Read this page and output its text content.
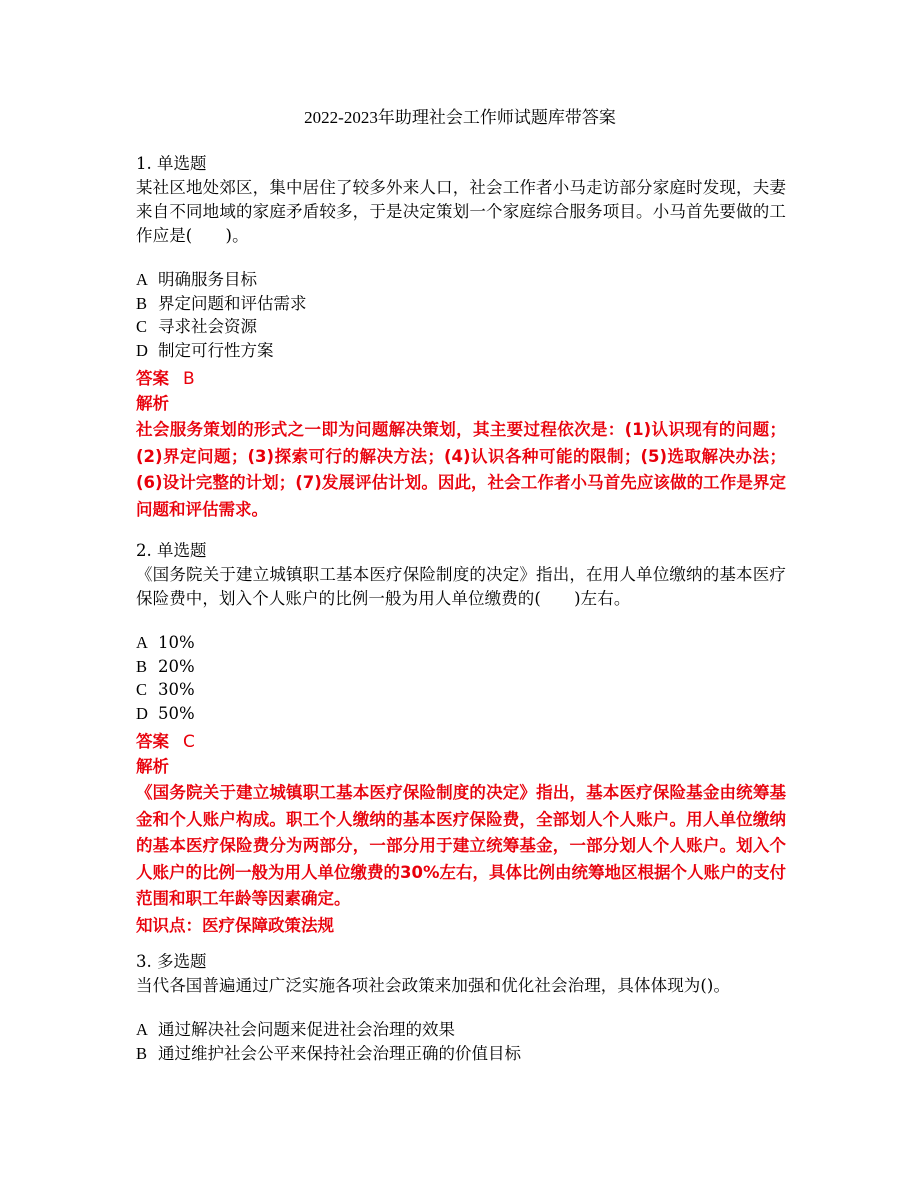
2022-2023年助理社会工作师试题库带答案
1. 单选题
某社区地处郊区，集中居住了较多外来人口，社会工作者小马走访部分家庭时发现，夫妻来自不同地域的家庭矛盾较多，于是决定策划一个家庭综合服务项目。小马首先要做的工作应是(　　)。
A 明确服务目标
B 界定问题和评估需求
C 寻求社会资源
D 制定可行性方案
答案 B
解析
社会服务策划的形式之一即为问题解决策划，其主要过程依次是：(1)认识现有的问题；(2)界定问题；(3)探索可行的解决方法；(4)认识各种可能的限制；(5)选取解决办法；(6)设计完整的计划；(7)发展评估计划。因此，社会工作者小马首先应该做的工作是界定问题和评估需求。
2. 单选题
《国务院关于建立城镇职工基本医疗保险制度的决定》指出，在用人单位缴纳的基本医疗保险费中，划入个人账户的比例一般为用人单位缴费的(　　)左右。
A 10%
B 20%
C 30%
D 50%
答案 C
解析
《国务院关于建立城镇职工基本医疗保险制度的决定》指出，基本医疗保险基金由统筹基金和个人账户构成。职工个人缴纳的基本医疗保险费，全部划人个人账户。用人单位缴纳的基本医疗保险费分为两部分，一部分用于建立统筹基金，一部分划人个人账户。划入个人账户的比例一般为用人单位缴费的30%左右，具体比例由统筹地区根据个人账户的支付范围和职工年龄等因素确定。
知识点：医疗保障政策法规
3. 多选题
当代各国普遍通过广泛实施各项社会政策来加强和优化社会治理，具体体现为()。
A 通过解决社会问题来促进社会治理的效果
B 通过维护社会公平来保持社会治理正确的价值目标
